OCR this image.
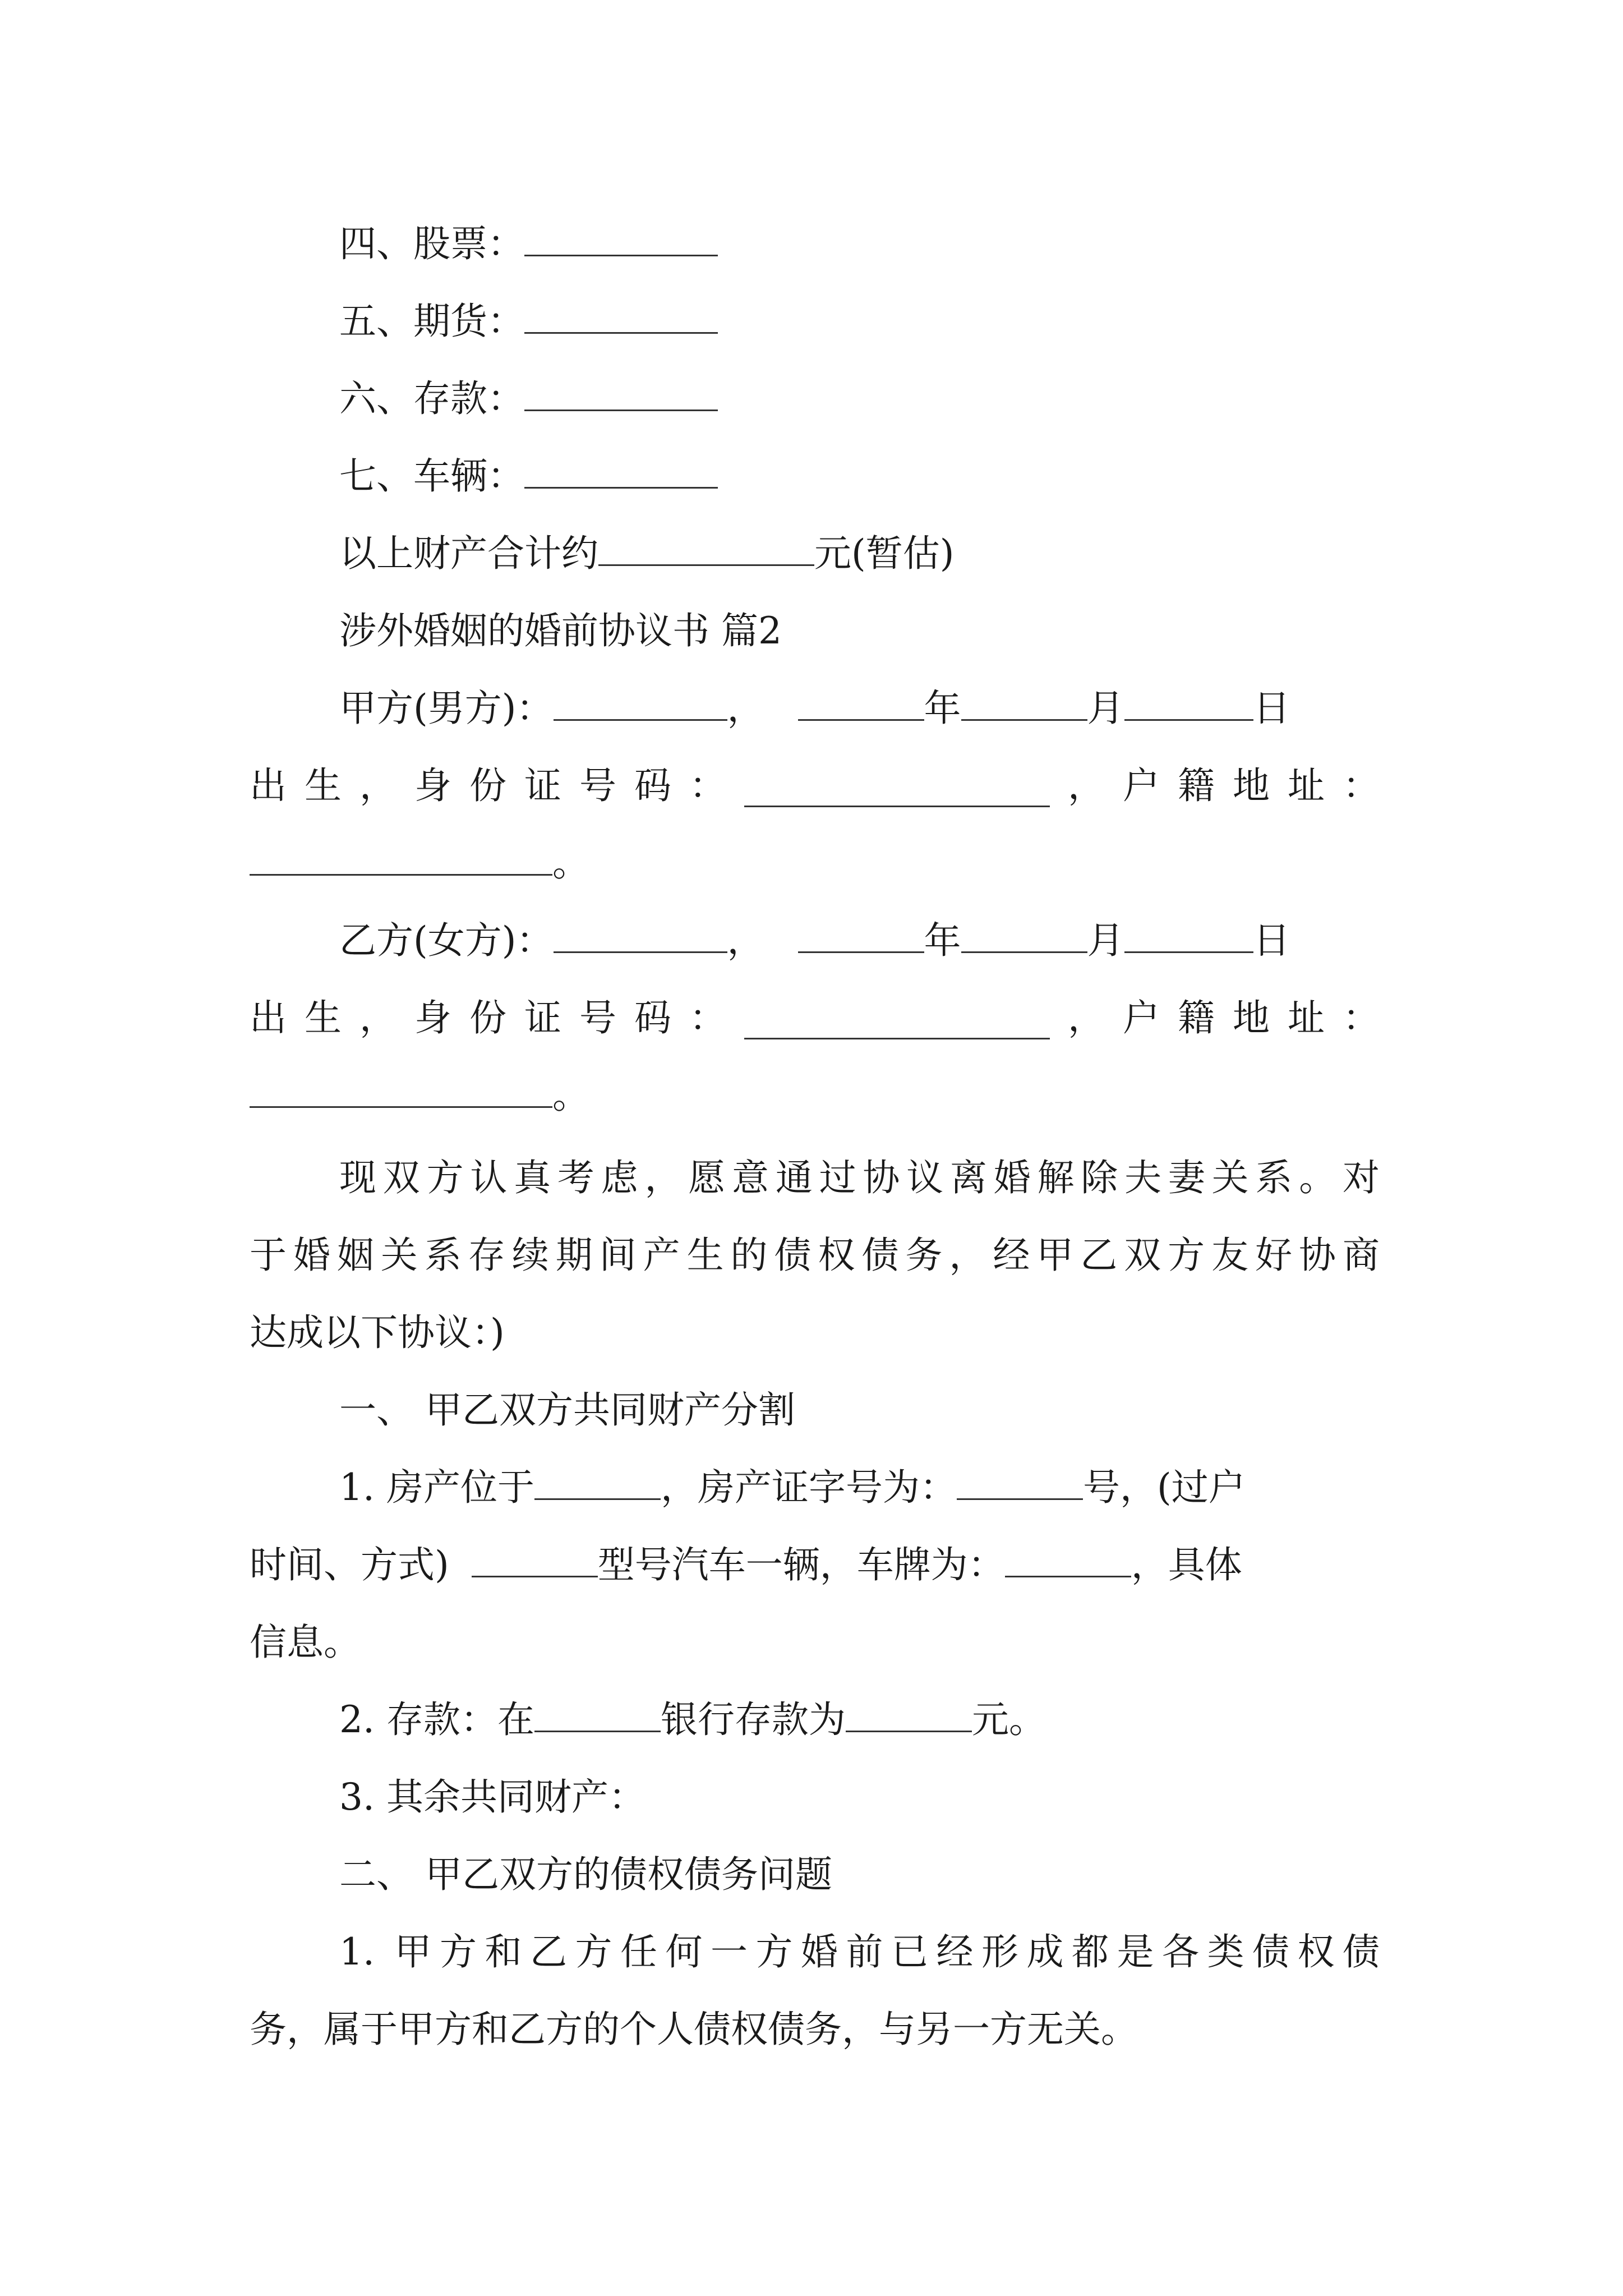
四、股票：
五、期货：
六、存款：
七、车辆：
以上财产合计约	元(暂估)
涉外婚姻的婚前协议书 篇2
甲方(男方)：	，	年	月	日
出 生 ， 身 份 证 号 码 ：	， 户 籍 地 址 ：
。
乙方(女方)：	，	年	月	日
出 生 ， 身 份 证 号 码 ：	， 户 籍 地 址 ：
。
现双方认真考虑，愿意通过协议离婚解除夫妻关系。对
于婚姻关系存续期间产生的债权债务，经甲乙双方友好协商
达成以下协议：)
一、 甲乙双方共同财产分割
1. 房产位于	，房产证字号为：	号，(过户
时间、方式)	型号汽车一辆，车牌为：	，具体
信息。
2. 存款：在	银行存款为	元。
3. 其余共同财产：
二、 甲乙双方的债权债务问题
1. 甲方和乙方任何一方婚前已经形成都是各类债权债
务，属于甲方和乙方的个人债权债务，与另一方无关。
